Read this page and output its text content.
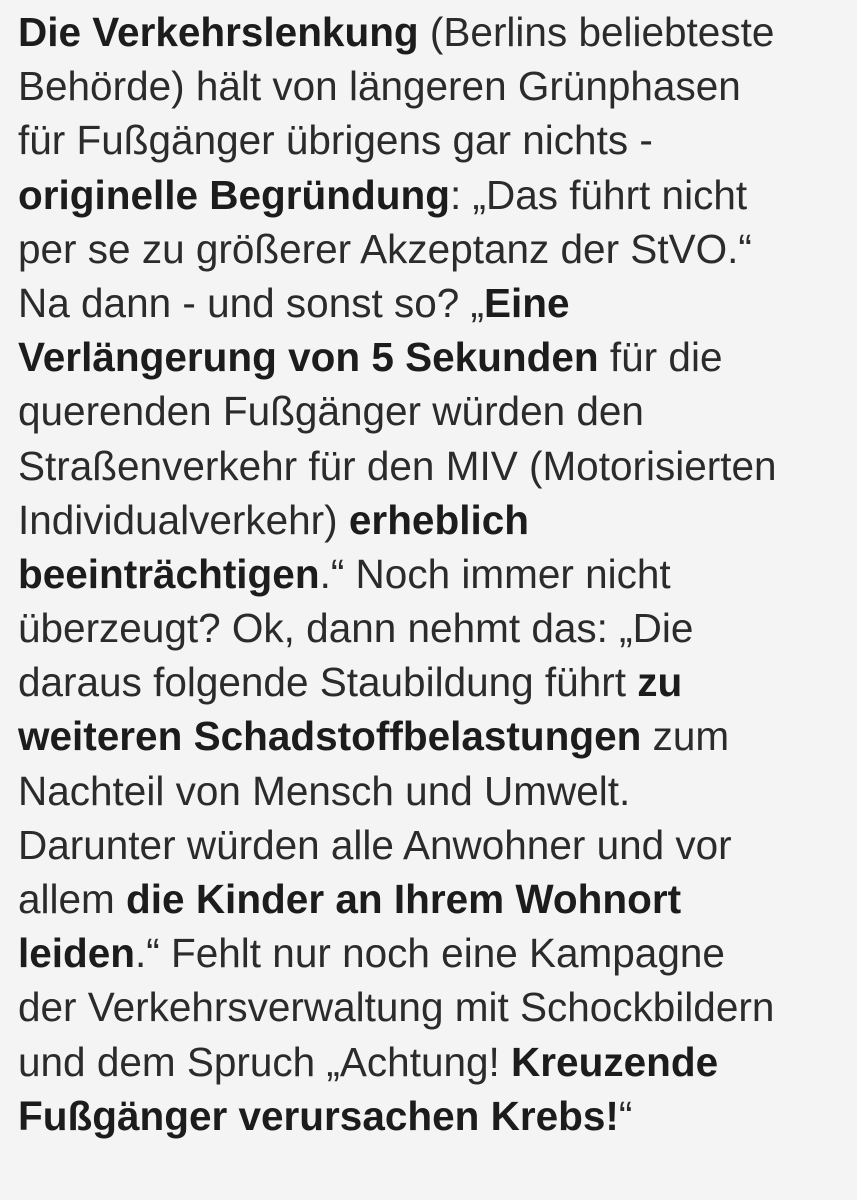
Die Verkehrslenkung (Berlins beliebteste
Behörde) hält von längeren Grünphasen
für Fußgänger übrigens gar nichts -
originelle Begründung: „Das führt nicht
per se zu größerer Akzeptanz der StVO.“
Na dann - und sonst so? „Eine
Verlängerung von 5 Sekunden für die
querenden Fußgänger würden den
Straßenverkehr für den MIV (Motorisierten
Individualverkehr) erheblich
beeinträchtigen.“ Noch immer nicht
überzeugt? Ok, dann nehmt das: „Die
daraus folgende Staubildung führt zu
weiteren Schadstoffbelastungen zum
Nachteil von Mensch und Umwelt.
Darunter würden alle Anwohner und vor
allem die Kinder an Ihrem Wohnort
leiden.“ Fehlt nur noch eine Kampagne
der Verkehrsverwaltung mit Schockbildern
und dem Spruch „Achtung! Kreuzende
Fußgänger verursachen Krebs!“
